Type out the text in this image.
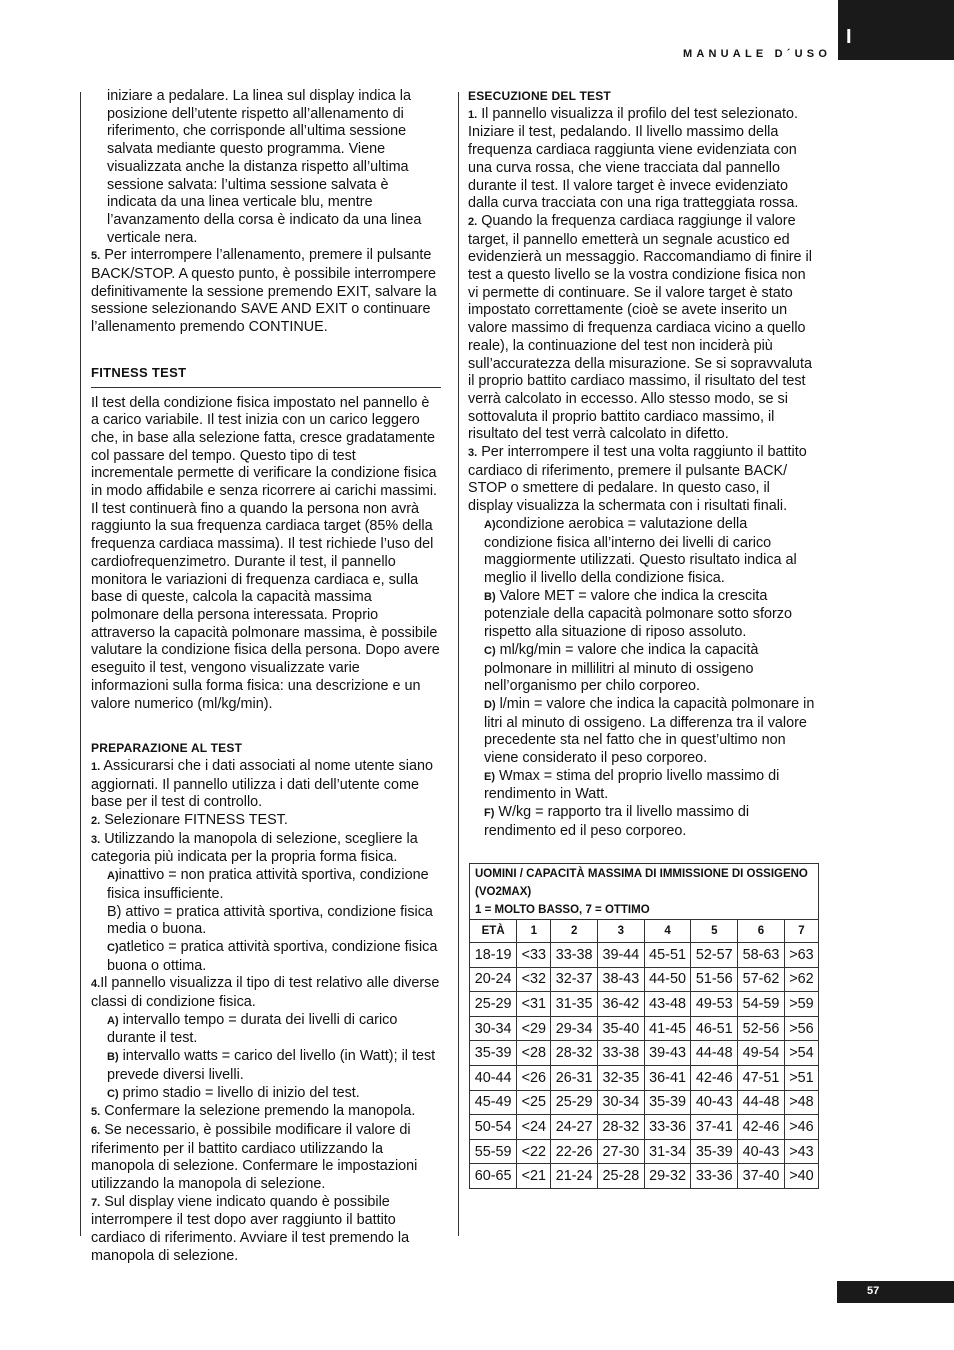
I
MANUALE D´USO

iniziare a pedalare. La linea sul display indica la posizione dell’utente rispetto all’allenamento di riferimento, che corrisponde all’ultima sessione salvata mediante questo programma. Viene visualizzata anche la distanza rispetto all’ultima sessione salvata: l’ultima sessione salvata è indicata da una linea verticale blu, mentre l’avanzamento della corsa è indicato da una linea verticale nera.

5. Per interrompere l’allenamento, premere il pulsante BACK/STOP. A questo punto, è possibile interrompere definitivamente la sessione premendo EXIT, salvare la sessione selezionando SAVE AND EXIT o continuare l’allenamento premendo CONTINUE.

FITNESS TEST

Il test della condizione fisica impostato nel pannello è a carico variabile. Il test inizia con un carico leggero che, in base alla selezione fatta, cresce gradatamente col passare del tempo. Questo tipo di test incrementale permette di verificare la condizione fisica in modo affidabile e senza ricorrere ai carichi massimi. Il test continuerà fino a quando la persona non avrà raggiunto la sua frequenza cardiaca target (85% della frequenza cardiaca massima). Il test richiede l’uso del cardiofrequenzimetro. Durante il test, il pannello monitora le variazioni di frequenza cardiaca e, sulla base di queste, calcola la capacità massima polmonare della persona interessata. Proprio attraverso la capacità polmonare massima, è possibile valutare la condizione fisica della persona. Dopo avere eseguito il test, vengono visualizzate varie informazioni sulla forma fisica: una descrizione e un valore numerico (ml/kg/min).

PREPARAZIONE AL TEST

1. Assicurarsi che i dati associati al nome utente siano aggiornati. Il pannello utilizza i dati dell’utente come base per il test di controllo.

2. Selezionare FITNESS TEST.

3. Utilizzando la manopola di selezione, scegliere la categoria più indicata per la propria forma fisica.

A)inattivo = non pratica attività sportiva, condizione fisica insufficiente.

B) attivo = pratica attività sportiva, condizione fisica media o buona.

C)atletico = pratica attività sportiva, condizione fisica buona o ottima.

4.Il pannello visualizza il tipo di test relativo alle diverse classi di condizione fisica.

A) intervallo tempo = durata dei livelli di carico durante il test.

B) intervallo watts = carico del livello (in Watt); il test prevede diversi livelli.

C) primo stadio = livello di inizio del test.

5. Confermare la selezione premendo la manopola.

6. Se necessario, è possibile modificare il valore di riferimento per il battito cardiaco utilizzando la manopola di selezione. Confermare le impostazioni utilizzando la manopola di selezione.

7. Sul display viene indicato quando è possibile interrompere il test dopo aver raggiunto il battito cardiaco di riferimento. Avviare il test premendo la manopola di selezione.

ESECUZIONE DEL TEST

1. Il pannello visualizza il profilo del test selezionato. Iniziare il test, pedalando. Il livello massimo della frequenza cardiaca raggiunta viene evidenziata con una curva rossa, che viene tracciata dal pannello durante il test. Il valore target è invece evidenziato dalla curva tracciata con una riga tratteggiata rossa.

2. Quando la frequenza cardiaca raggiunge il valore target, il pannello emetterà un segnale acustico ed evidenzierà un messaggio. Raccomandiamo di finire il test a questo livello se la vostra condizione fisica non vi permette di continuare. Se il valore target è stato impostato correttamente (cioè se avete inserito un valore massimo di frequenza cardiaca vicino a quello reale), la continuazione del test non inciderà più sull’accuratezza della misurazione. Se si sopravvaluta il proprio battito cardiaco massimo, il risultato del test verrà calcolato in eccesso. Allo stesso modo, se si sottovaluta il proprio battito cardiaco massimo, il risultato del test verrà calcolato in difetto.

3. Per interrompere il test una volta raggiunto il battito cardiaco di riferimento, premere il pulsante BACK/ STOP o smettere di pedalare. In questo caso, il display visualizza la schermata con i risultati finali.

A)condizione aerobica = valutazione della condizione fisica all’interno dei livelli di carico maggiormente utilizzati. Questo risultato indica al meglio il livello della condizione fisica.

B) Valore MET = valore che indica la crescita potenziale della capacità polmonare sotto sforzo rispetto alla situazione di riposo assoluto.

C) ml/kg/min = valore che indica la capacità polmonare in millilitri al minuto di ossigeno nell’organismo per chilo corporeo.

D) l/min = valore che indica la capacità polmonare in litri al minuto di ossigeno. La differenza tra il valore precedente sta nel fatto che in quest’ultimo non viene considerato il peso corporeo.

E) Wmax = stima del proprio livello massimo di rendimento in Watt.

F) W/kg = rapporto tra il livello massimo di rendimento ed il peso corporeo.

UOMINI / CAPACITÀ MASSIMA DI IMMISSIONE DI OSSIGENO (VO2MAX)
1 = MOLTO BASSO, 7 = OTTIMO							

ETÀ	1	2	3	4	5	6	7
18-19	<33	33-38	39-44	45-51	52-57	58-63	>63
20-24	<32	32-37	38-43	44-50	51-56	57-62	>62
25-29	<31	31-35	36-42	43-48	49-53	54-59	>59
30-34	<29	29-34	35-40	41-45	46-51	52-56	>56
35-39	<28	28-32	33-38	39-43	44-48	49-54	>54
40-44	<26	26-31	32-35	36-41	42-46	47-51	>51
45-49	<25	25-29	30-34	35-39	40-43	44-48	>48
50-54	<24	24-27	28-32	33-36	37-41	42-46	>46
55-59	<22	22-26	27-30	31-34	35-39	40-43	>43
60-65	<21	21-24	25-28	29-32	33-36	37-40	>40
57
